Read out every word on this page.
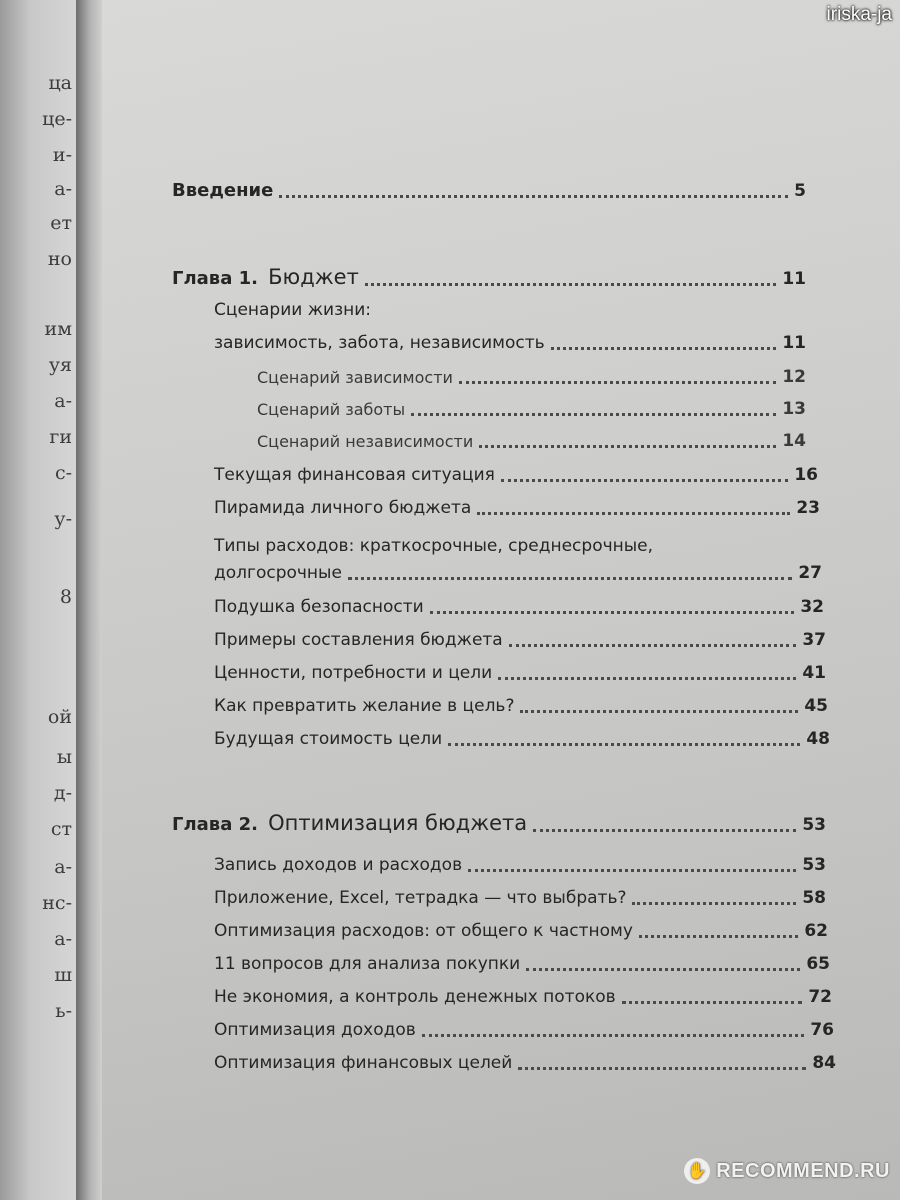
ца
це-
и-
а-
ет
но
им
уя
а-
ги
с-
у-
8
ой
ы
д-
ст
а-
нс-
а-
ш
ь-
Введение	5
Глава 1. Бюджет	11
Сценарии жизни:
зависимость, забота, независимость	11
Сценарий зависимости	12
Сценарий заботы	13
Сценарий независимости	14
Текущая финансовая ситуация	16
Пирамида личного бюджета	23
Типы расходов: краткосрочные, среднесрочные,
долгосрочные	27
Подушка безопасности	32
Примеры составления бюджета	37
Ценности, потребности и цели	41
Как превратить желание в цель?	45
Будущая стоимость цели	48
Глава 2. Оптимизация бюджета	53
Запись доходов и расходов	53
Приложение, Excel, тетрадка — что выбрать?	58
Оптимизация расходов: от общего к частному	62
11 вопросов для анализа покупки	65
Не экономия, а контроль денежных потоков	72
Оптимизация доходов	76
Оптимизация финансовых целей	84
iriska-ja
✋ RECOMMEND.RU
